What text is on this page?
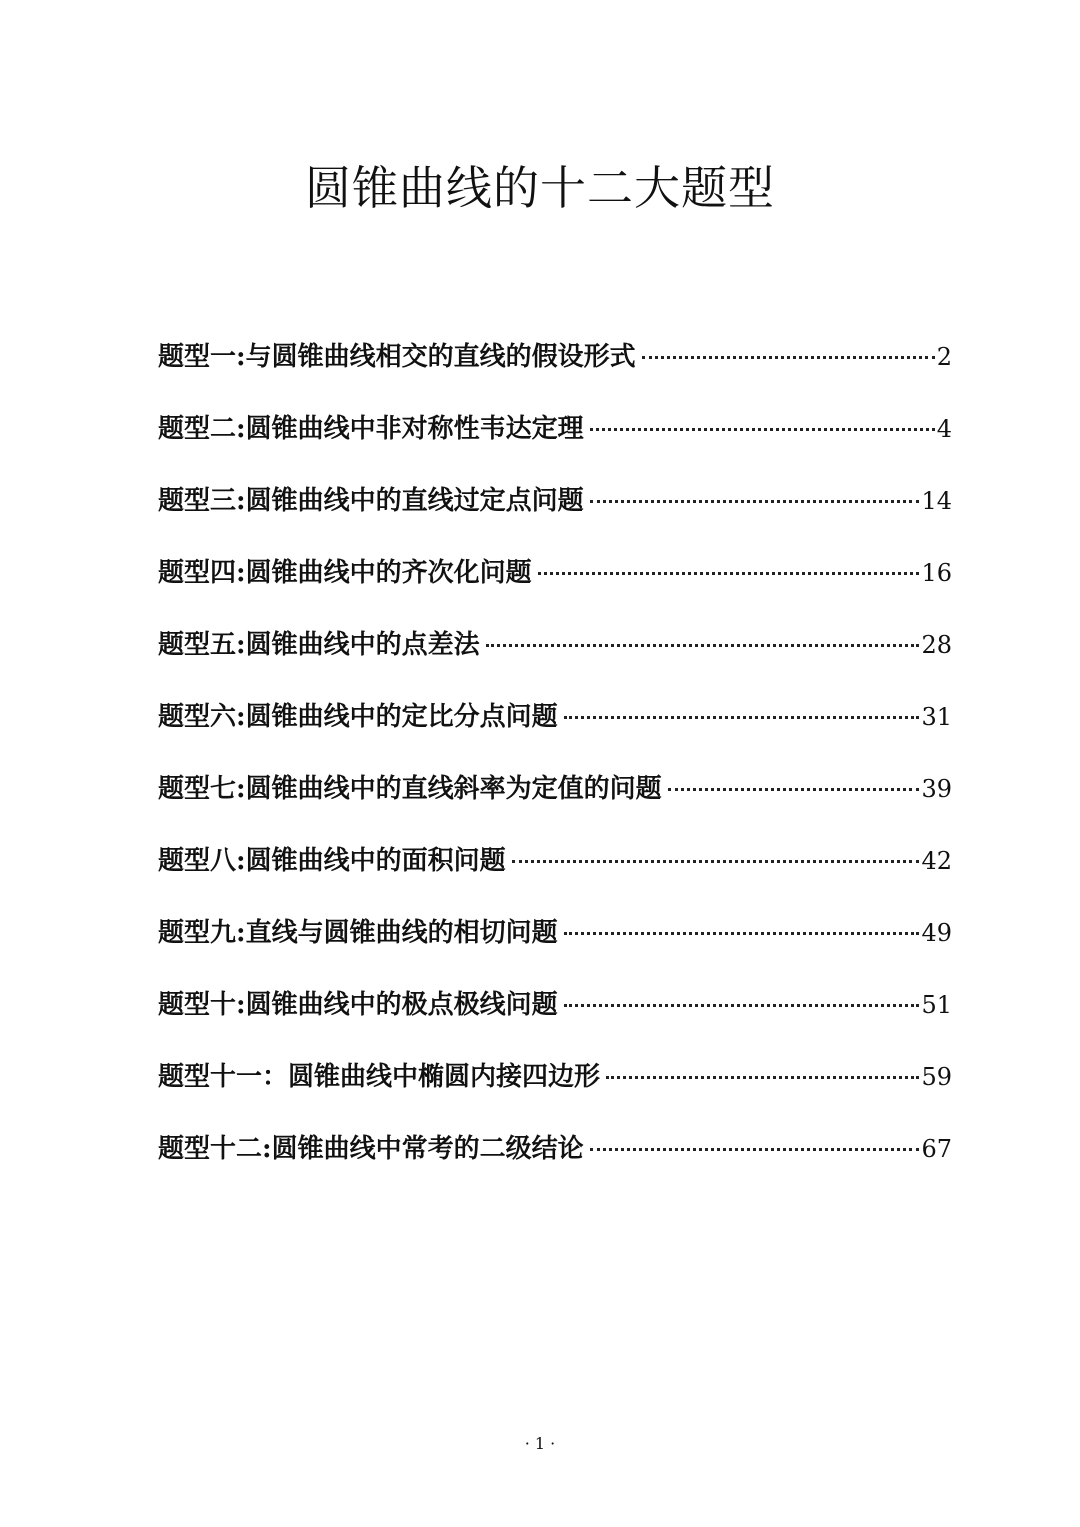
圆锥曲线的十二大题型
题型一:与圆锥曲线相交的直线的假设形式	2
题型二:圆锥曲线中非对称性韦达定理	4
题型三:圆锥曲线中的直线过定点问题	14
题型四:圆锥曲线中的齐次化问题	16
题型五:圆锥曲线中的点差法	28
题型六:圆锥曲线中的定比分点问题	31
题型七:圆锥曲线中的直线斜率为定值的问题	39
题型八:圆锥曲线中的面积问题	42
题型九:直线与圆锥曲线的相切问题	49
题型十:圆锥曲线中的极点极线问题	51
题型十一：圆锥曲线中椭圆内接四边形	59
题型十二:圆锥曲线中常考的二级结论	67
· 1 ·
